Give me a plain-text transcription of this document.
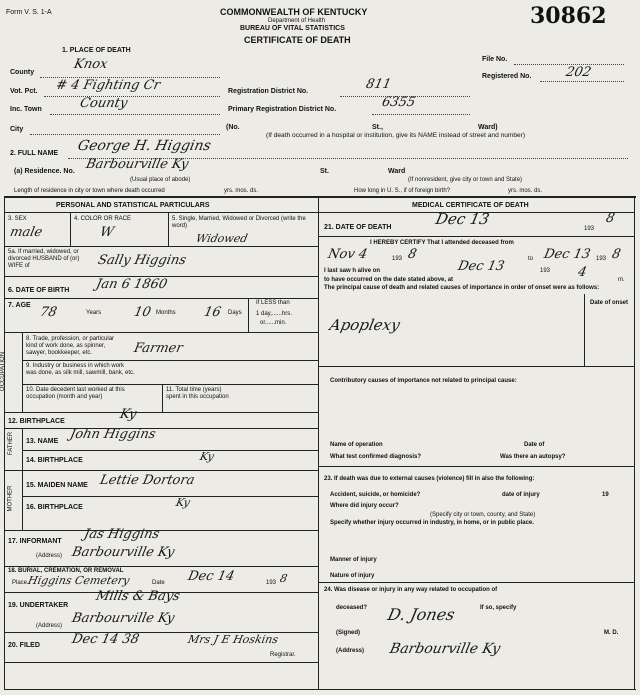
Form V. S. 1-A	COMMONWEALTH OF KENTUCKY
Department of Health
BUREAU OF VITAL STATISTICS
CERTIFICATE OF DEATH
30862
File No.
Registered No.	202
1. PLACE OF DEATH
County
Knox
Vot. Pct. # 4 Fighting Cr
Inc. Town	County
Registration District No.	811
Primary Registration District No.	6355
City	(No.	St.,	Ward)
(If death occurred in a hospital or institution, give its NAME instead of street and number)
2. FULL NAME George H. Higgins
(a) Residence. No. Barbourville Ky
(Usual place of abode)
St.	Ward
(If nonresident, give city or town and State)
Length of residence in city or town where death occurred	yrs. mos. ds.	How long in U. S., if of foreign birth?	yrs. mos. ds.
PERSONAL AND STATISTICAL PARTICULARS
3. SEX
male
4. COLOR OR RACE
W
5. Single, Married, Widowed or Divorced (write the word)
Widowed
5a. If married, widowed, or divorced HUSBAND of (or) WIFE of	Sally Higgins
6. DATE OF BIRTH Jan 6 1860
7. AGE 78	Years 10 Months 16 Days
If LESS than
1 day,......hrs.
or......min.
OCCUPATION
8. Trade, profession, or particular kind of work done, as spinner, sawyer, bookkeeper, etc.	Farmer
9. Industry or business in which work was done, as silk mill, sawmill, bank, etc.
10. Date decedent last worked at this occupation (month and year)
11. Total time (years) spent in this occupation
12. BIRTHPLACE	Ky
FATHER 13. NAME John Higgins
14. BIRTHPLACE	Ky
MOTHER 15. MAIDEN NAME Lettie Dortora
16. BIRTHPLACE	Ky
17. INFORMANT Jas Higgins
(Address) Barbourville Ky
18. BURIAL, CREMATION, OR REMOVAL
Place Higgins Cemetery	Date Dec 14	193 8
19. UNDERTAKER
Mills & Bays
(Address) Barbourville Ky
20. FILED Dec 14 38	Mrs J E Hoskins
Registrar.
MEDICAL CERTIFICATE OF DEATH
21. DATE OF DEATH	Dec 13
193
8
I HEREBY CERTIFY That I attended deceased from
Nov 4	193 8	to Dec 13 193 8
I last saw h alive on	Dec 13	193
to have occurred on the date stated above, at	4	m.
The principal cause of death and related causes of importance in order of onset were as follows:
Date of onset
Apoplexy
Contributory causes of importance not related to principal cause:
Name of operation	Date of
What test confirmed diagnosis?	Was there an autopsy?
23. If death was due to external causes (violence) fill in also the following:
Accident, suicide, or homicide?	date of injury	19
Where did injury occur?
(Specify city or town, county, and State)
Specify whether injury occurred in industry, in home, or in public place.
Manner of injury
Nature of injury
24. Was disease or injury in any way related to occupation of
deceased?	If so, specify
(Signed)
D. Jones
M. D.
(Address) Barbourville Ky
